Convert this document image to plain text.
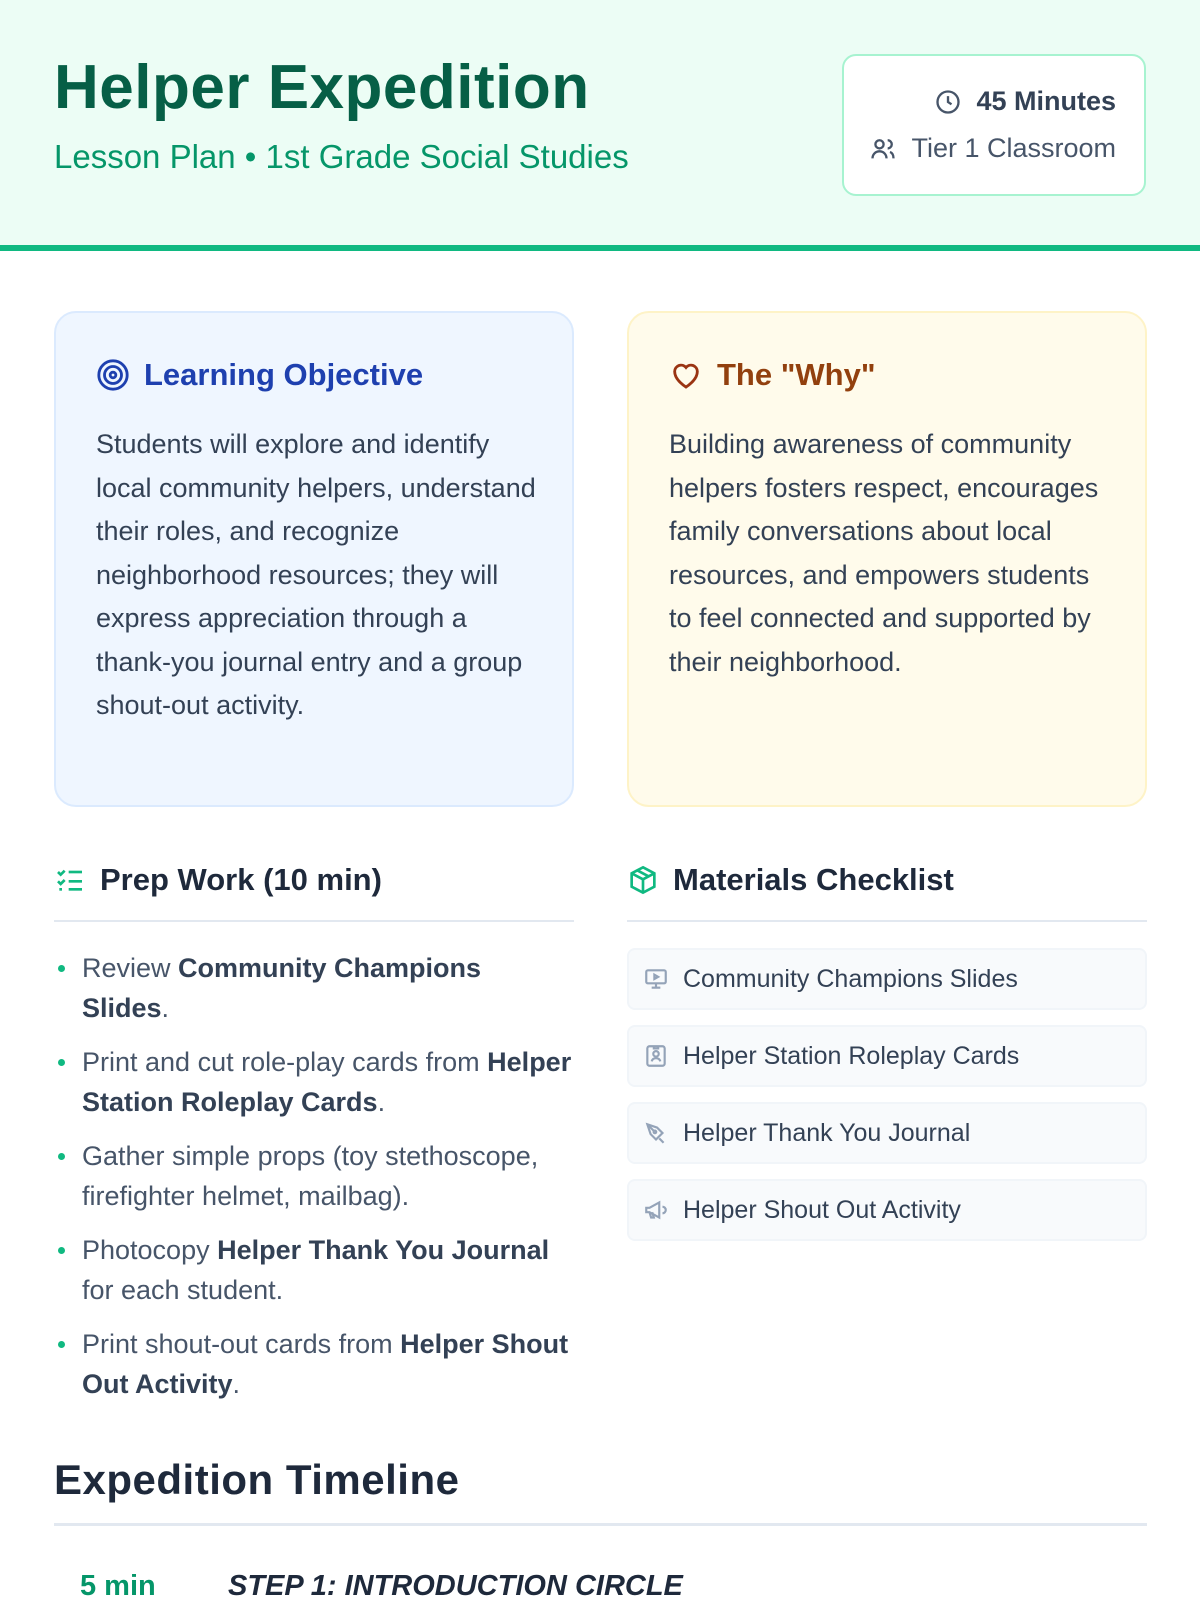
Helper Expedition
Lesson Plan • 1st Grade Social Studies
45 Minutes
Tier 1 Classroom
Learning Objective
Students will explore and identify local community helpers, understand their roles, and recognize neighborhood resources; they will express appreciation through a thank-you journal entry and a group shout-out activity.
The "Why"
Building awareness of community helpers fosters respect, encourages family conversations about local resources, and empowers students to feel connected and supported by their neighborhood.
Prep Work (10 min)
Review Community Champions Slides.
Print and cut role-play cards from Helper Station Roleplay Cards.
Gather simple props (toy stethoscope, firefighter helmet, mailbag).
Photocopy Helper Thank You Journal for each student.
Print shout-out cards from Helper Shout Out Activity.
Materials Checklist
Community Champions Slides
Helper Station Roleplay Cards
Helper Thank You Journal
Helper Shout Out Activity
Expedition Timeline
5 min STEP 1: INTRODUCTION CIRCLE
